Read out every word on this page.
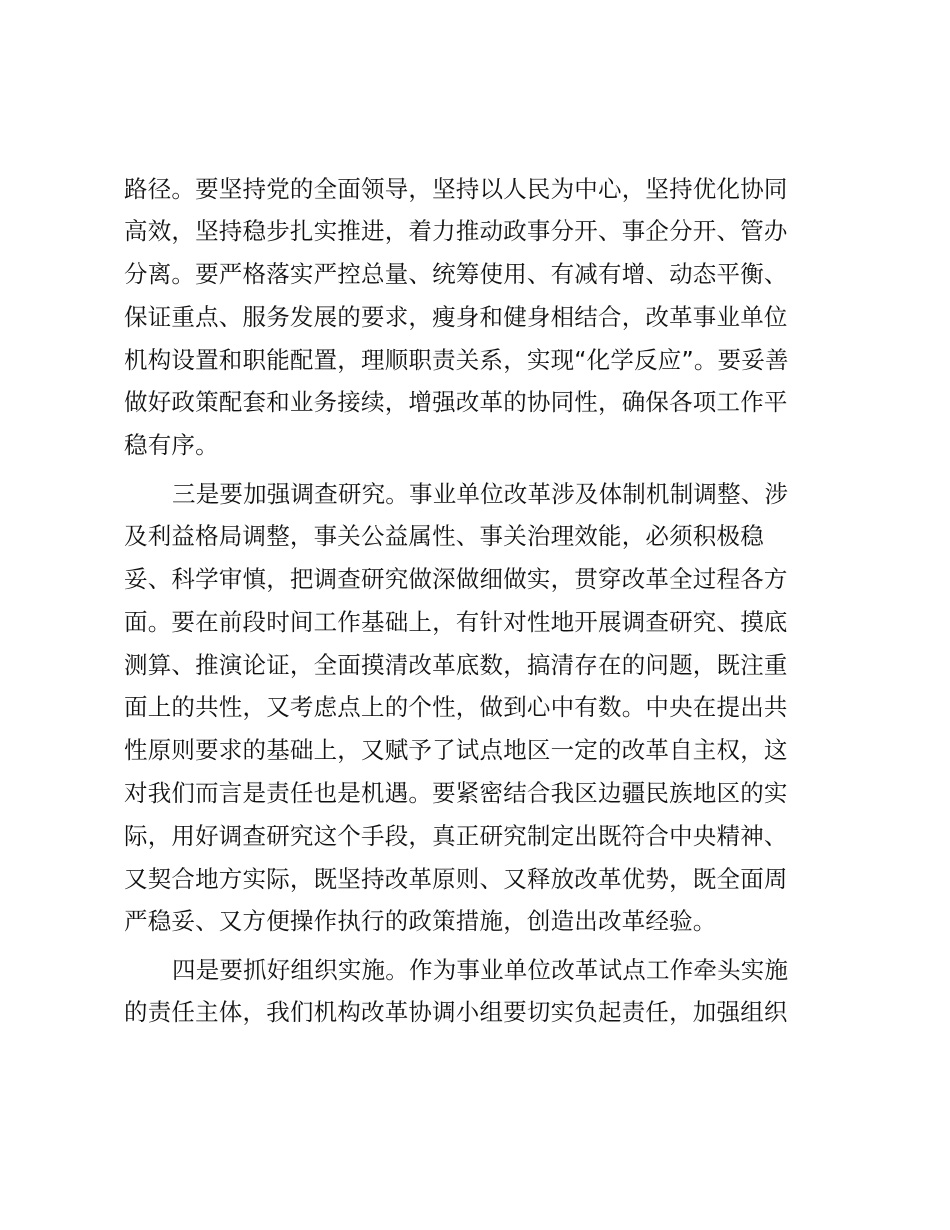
路径。要坚持党的全面领导，坚持以人民为中心，坚持优化协同
高效，坚持稳步扎实推进，着力推动政事分开、事企分开、管办
分离。要严格落实严控总量、统筹使用、有减有增、动态平衡、
保证重点、服务发展的要求，瘦身和健身相结合，改革事业单位
机构设置和职能配置，理顺职责关系，实现“化学反应”。要妥善
做好政策配套和业务接续，增强改革的协同性，确保各项工作平
稳有序。
三是要加强调查研究。事业单位改革涉及体制机制调整、涉
及利益格局调整，事关公益属性、事关治理效能，必须积极稳
妥、科学审慎，把调查研究做深做细做实，贯穿改革全过程各方
面。要在前段时间工作基础上，有针对性地开展调查研究、摸底
测算、推演论证，全面摸清改革底数，搞清存在的问题，既注重
面上的共性，又考虑点上的个性，做到心中有数。中央在提出共
性原则要求的基础上，又赋予了试点地区一定的改革自主权，这
对我们而言是责任也是机遇。要紧密结合我区边疆民族地区的实
际，用好调查研究这个手段，真正研究制定出既符合中央精神、
又契合地方实际，既坚持改革原则、又释放改革优势，既全面周
严稳妥、又方便操作执行的政策措施，创造出改革经验。
四是要抓好组织实施。作为事业单位改革试点工作牵头实施
的责任主体，我们机构改革协调小组要切实负起责任，加强组织
